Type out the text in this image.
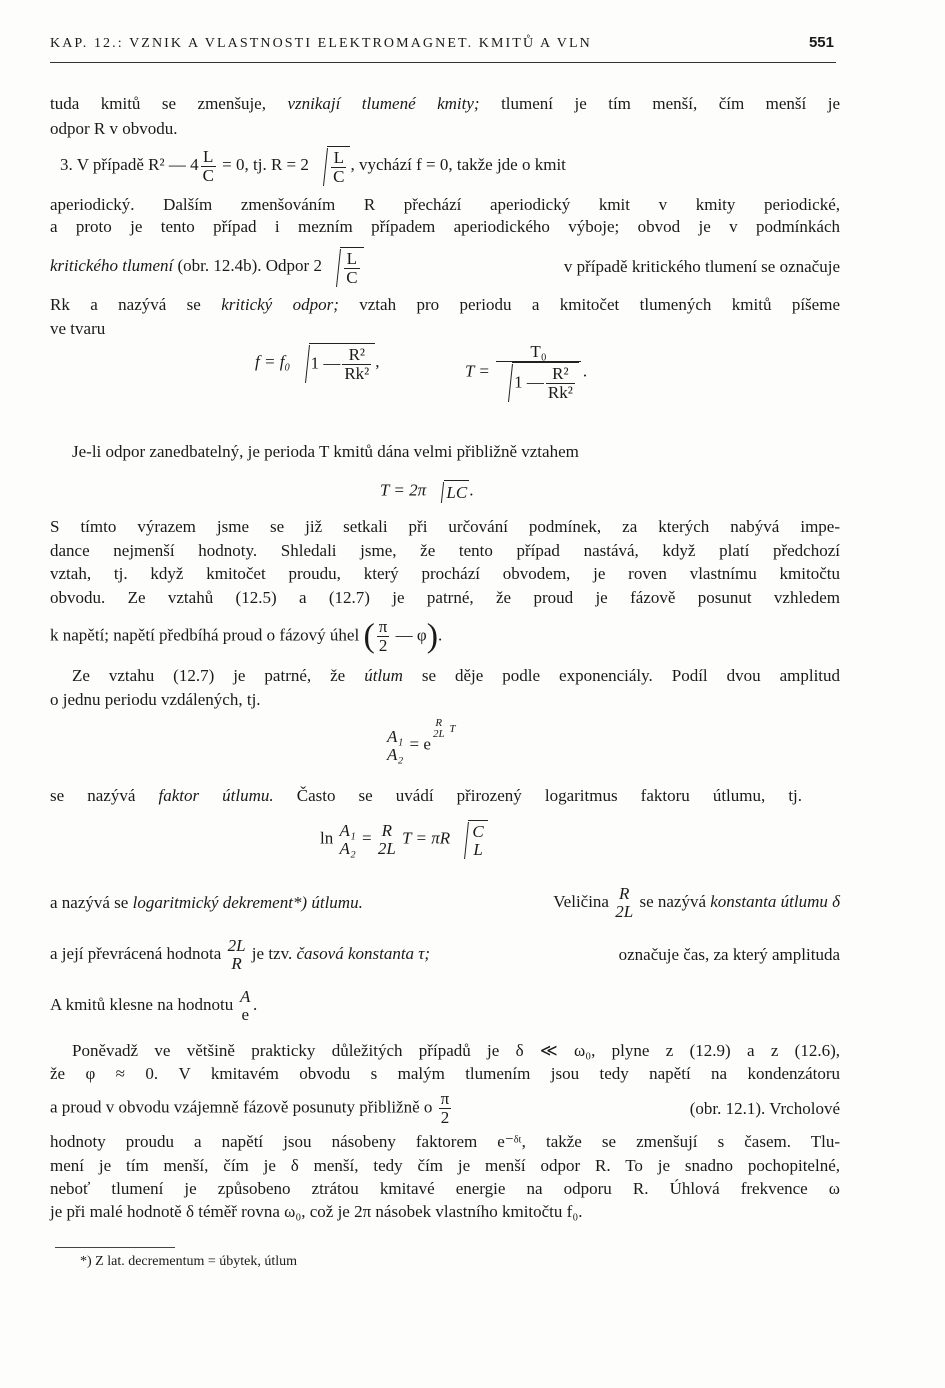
KAP. 12.: VZNIK A VLASTNOSTI ELEKTROMAGNET. KMITŮ A VLN	551
tuda kmitů se zmenšuje, vznikají tlumené kmity; tlumení je tím menší, čím menší je
odpor R v obvodu.
3. V případě R² — $4 \frac{L}{C} = 0$, tj. $R = 2 \frac{L}{C}$ , vychází f = 0, takže jde o kmit
aperiodický. Dalším zmenšováním R přechází aperiodický kmit v kmity periodické,
a proto je tento případ i mezním případem aperiodického výboje; obvod je v podmínkách
kritického tlumení (obr. 12.4b). Odpor $2 \frac{L}{C}$	v případě kritického tlumení se označuje
Rk a nazývá se kritický odpor; vztah pro periodu a kmitočet tlumených kmitů píšeme
ve tvaru
f = f₀ 1 — $\frac{\text{R²}}{\text{Rk²}}$ ,	$T = \frac{\text{T₀}}{1 — \frac{\text{R²}}{\text{Rk²}}}$ .
Je-li odpor zanedbatelný, je perioda T kmitů dána velmi přibližně vztahem
T = 2π LC .
S tímto výrazem jsme se již setkali při určování podmínek, za kterých nabývá impe-
dance nejmenší hodnoty. Shledali jsme, že tento případ nastává, když platí předchozí
vztah, tj. když kmitočet proudu, který prochází obvodem, je roven vlastnímu kmitočtu
obvodu. Ze vztahů (12.5) a (12.7) je patrné, že proud je fázově posunut vzhledem
k napětí; napětí předbíhá proud o fázový úhel ( $\frac{\pi}{2}$ — φ).
Ze vztahu (12.7) je patrné, že útlum se děje podle exponenciály. Podíl dvou amplitud
o jednu periodu vzdálených, tj.
A₁
A₂
= e
$^{R 2L T}$
se nazývá faktor útlumu. Často se uvádí přirozený logaritmus faktoru útlumu, tj.
ln A₁
A₂
= R
2L
T = πR C
L
a nazývá se logaritmický dekrement*) útlumu.	Veličina R
2L
se nazývá konstanta útlumu δ
a její převrácená hodnota 2L
R
je tzv. časová konstanta τ;	označuje čas, za který amplituda
A kmitů klesne na hodnotu A
e
.
Poněvadž ve většině prakticky důležitých případů je δ ≪ ω₀, plyne z (12.9) a z (12.6),
že φ ≈ 0. V kmitavém obvodu s malým tlumením jsou tedy napětí na kondenzátoru
a proud v obvodu vzájemně fázově posunuty přibližně o $\frac{\pi}{2}$	(obr. 12.1). Vrcholové
hodnoty proudu a napětí jsou násobeny faktorem e⁻ᵟᵗ, takže se zmenšují s časem. Tlu-
mení je tím menší, čím je δ menší, tedy čím je menší odpor R. To je snadno pochopitelné,
neboť tlumení je způsobeno ztrátou kmitavé energie na odporu R. Úhlová frekvence ω
je při malé hodnotě δ téměř rovna ω₀, což je 2π násobek vlastního kmitočtu f₀.
*) Z lat. decrementum = úbytek, útlum
